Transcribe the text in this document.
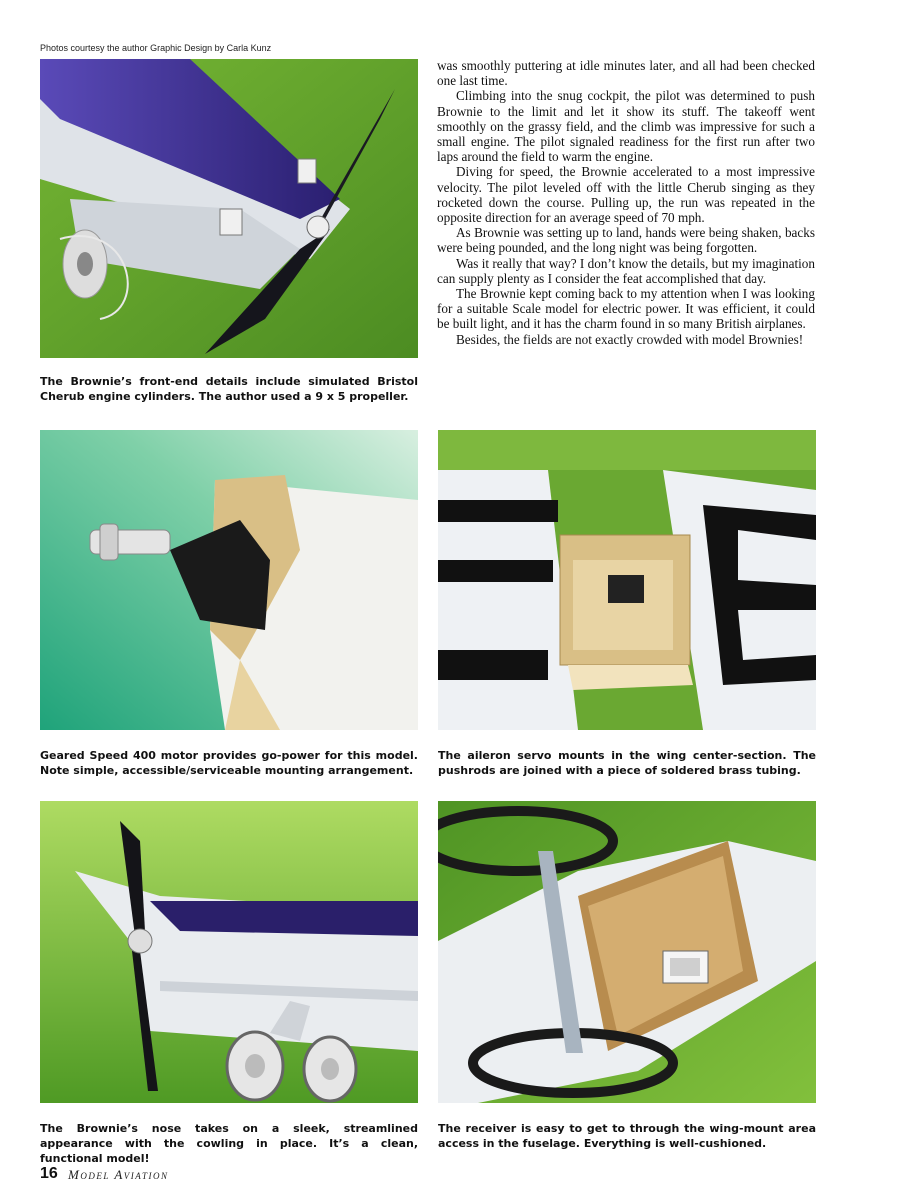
Photos courtesy the author Graphic Design by Carla Kunz
The Brownie’s front-end details include simulated Bristol Cherub engine cylinders. The author used a 9 x 5 propeller.

was smoothly puttering at idle minutes later, and all had been checked one last time.

Climbing into the snug cockpit, the pilot was determined to push Brownie to the limit and let it show its stuff. The takeoff went smoothly on the grassy field, and the climb was impressive for such a small engine. The pilot signaled readiness for the first run after two laps around the field to warm the engine.

Diving for speed, the Brownie accelerated to a most impressive velocity. The pilot leveled off with the little Cherub singing as they rocketed down the course. Pulling up, the run was repeated in the opposite direction for an average speed of 70 mph.

As Brownie was setting up to land, hands were being shaken, backs were being pounded, and the long night was being forgotten.

Was it really that way? I don’t know the details, but my imagination can supply plenty as I consider the feat accomplished that day.

The Brownie kept coming back to my attention when I was looking for a suitable Scale model for electric power. It was efficient, it could be built light, and it has the charm found in so many British airplanes.

Besides, the fields are not exactly crowded with model Brownies!

Geared Speed 400 motor provides go-power for this model. Note simple, accessible/serviceable mounting arrangement.
The aileron servo mounts in the wing center-section. The pushrods are joined with a piece of soldered brass tubing.
The Brownie’s nose takes on a sleek, streamlined appearance with the cowling in place. It’s a clean, functional model!
The receiver is easy to get to through the wing-mount area access in the fuselage. Everything is well-cushioned.
16 Model Aviation
